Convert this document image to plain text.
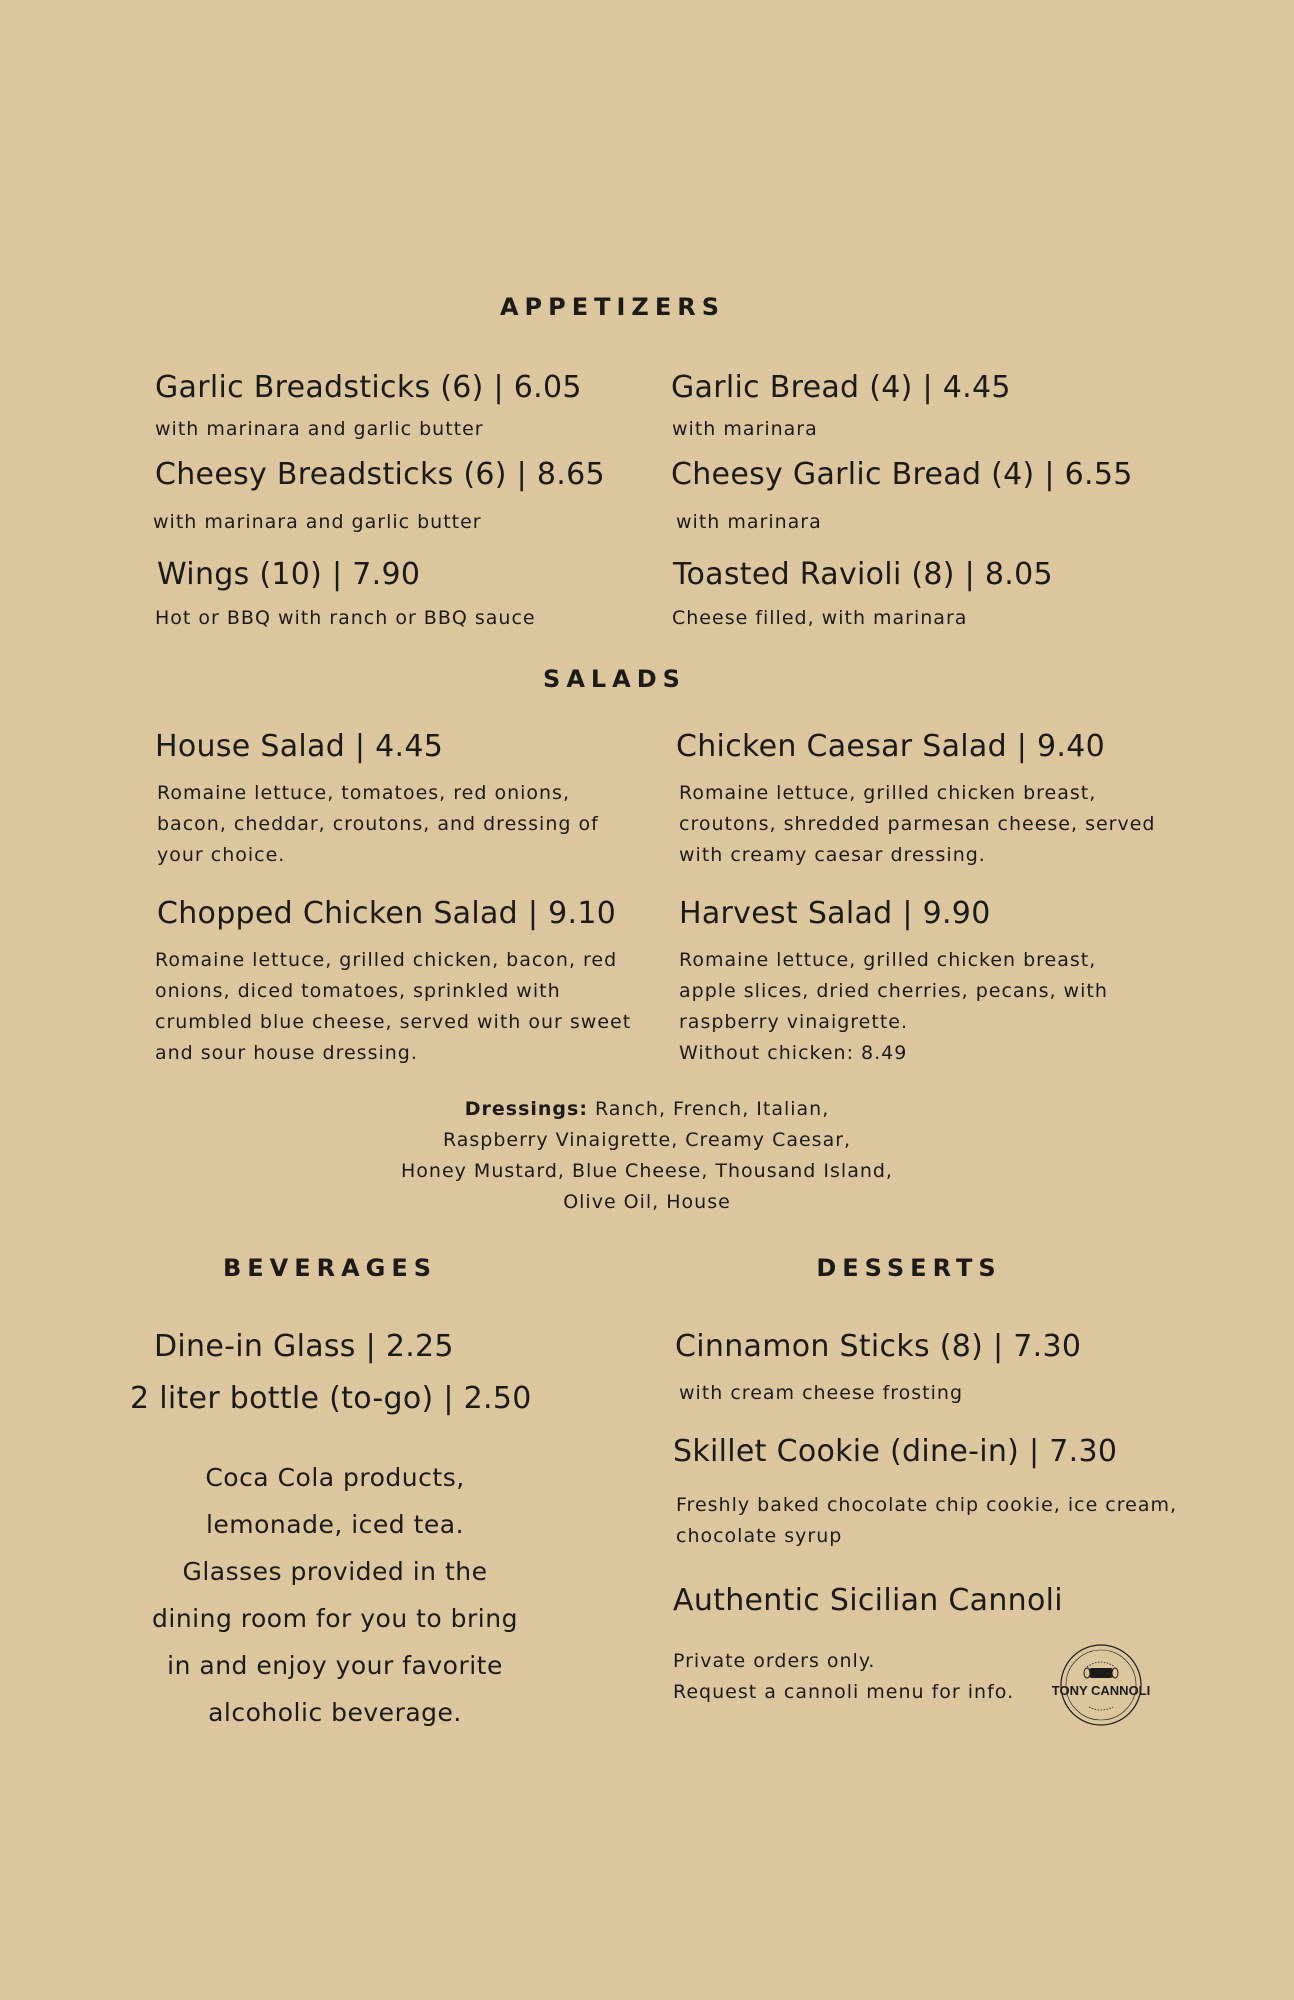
APPETIZERS
Garlic Breadsticks (6) | 6.05
with marinara and garlic butter
Garlic Bread (4) | 4.45
with marinara
Cheesy Breadsticks (6) | 8.65
with marinara and garlic butter
Cheesy Garlic Bread (4) | 6.55
with marinara
Wings (10) | 7.90
Hot or BBQ with ranch or BBQ sauce
Toasted Ravioli (8) | 8.05
Cheese filled, with marinara
SALADS
House Salad | 4.45
Romaine lettuce, tomatoes, red onions,
bacon, cheddar, croutons, and dressing of
your choice.
Chicken Caesar Salad | 9.40
Romaine lettuce, grilled chicken breast,
croutons, shredded parmesan cheese, served
with creamy caesar dressing.
Chopped Chicken Salad | 9.10
Romaine lettuce, grilled chicken, bacon, red
onions, diced tomatoes, sprinkled with
crumbled blue cheese, served with our sweet
and sour house dressing.
Harvest Salad | 9.90
Romaine lettuce, grilled chicken breast,
apple slices, dried cherries, pecans, with
raspberry vinaigrette.
Without chicken: 8.49
Dressings: Ranch, French, Italian,
Raspberry Vinaigrette, Creamy Caesar,
Honey Mustard, Blue Cheese, Thousand Island,
Olive Oil, House
BEVERAGES
Dine-in Glass | 2.25
2 liter bottle (to-go) | 2.50
Coca Cola products,
lemonade, iced tea.
Glasses provided in the
dining room for you to bring
in and enjoy your favorite
alcoholic beverage.
DESSERTS
Cinnamon Sticks (8) | 7.30
with cream cheese frosting
Skillet Cookie (dine-in) | 7.30
Freshly baked chocolate chip cookie, ice cream,
chocolate syrup
Authentic Sicilian Cannoli
Private orders only.
Request a cannoli menu for info.	TONY CANNOLI
